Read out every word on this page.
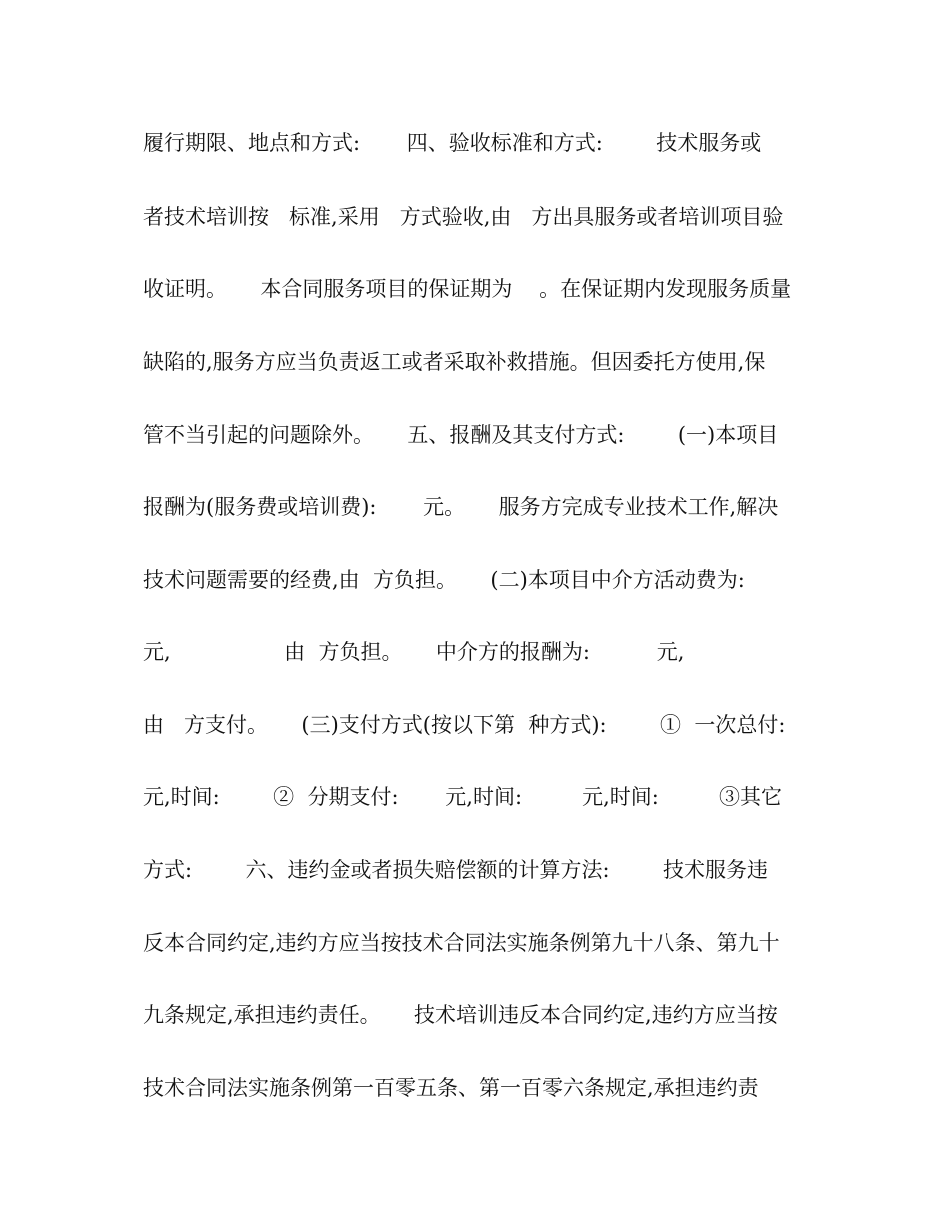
履行期限、地点和方式:       四、验收标准和方式:        技术服务或
者技术培训按   标准,采用   方式验收,由   方出具服务或者培训项目验
收证明。     本合同服务项目的保证期为    。在保证期内发现服务质量
缺陷的,服务方应当负责返工或者采取补救措施。但因委托方使用,保
管不当引起的问题除外。     五、报酬及其支付方式:        (一)本项目
报酬为(服务费或培训费):       元。     服务方完成专业技术工作,解决
技术问题需要的经费,由  方负担。     (二)本项目中介方活动费为:
元,                 由  方负担。     中介方的报酬为:          元,
由   方支付。     (三)支付方式(按以下第  种方式):        ①  一次总付:
元,时间:        ②  分期支付:       元,时间:         元,时间:         ③其它
方式:        六、违约金或者损失赔偿额的计算方法:        技术服务违
反本合同约定,违约方应当按技术合同法实施条例第九十八条、第九十
九条规定,承担违约责任。     技术培训违反本合同约定,违约方应当按
技术合同法实施条例第一百零五条、第一百零六条规定,承担违约责
